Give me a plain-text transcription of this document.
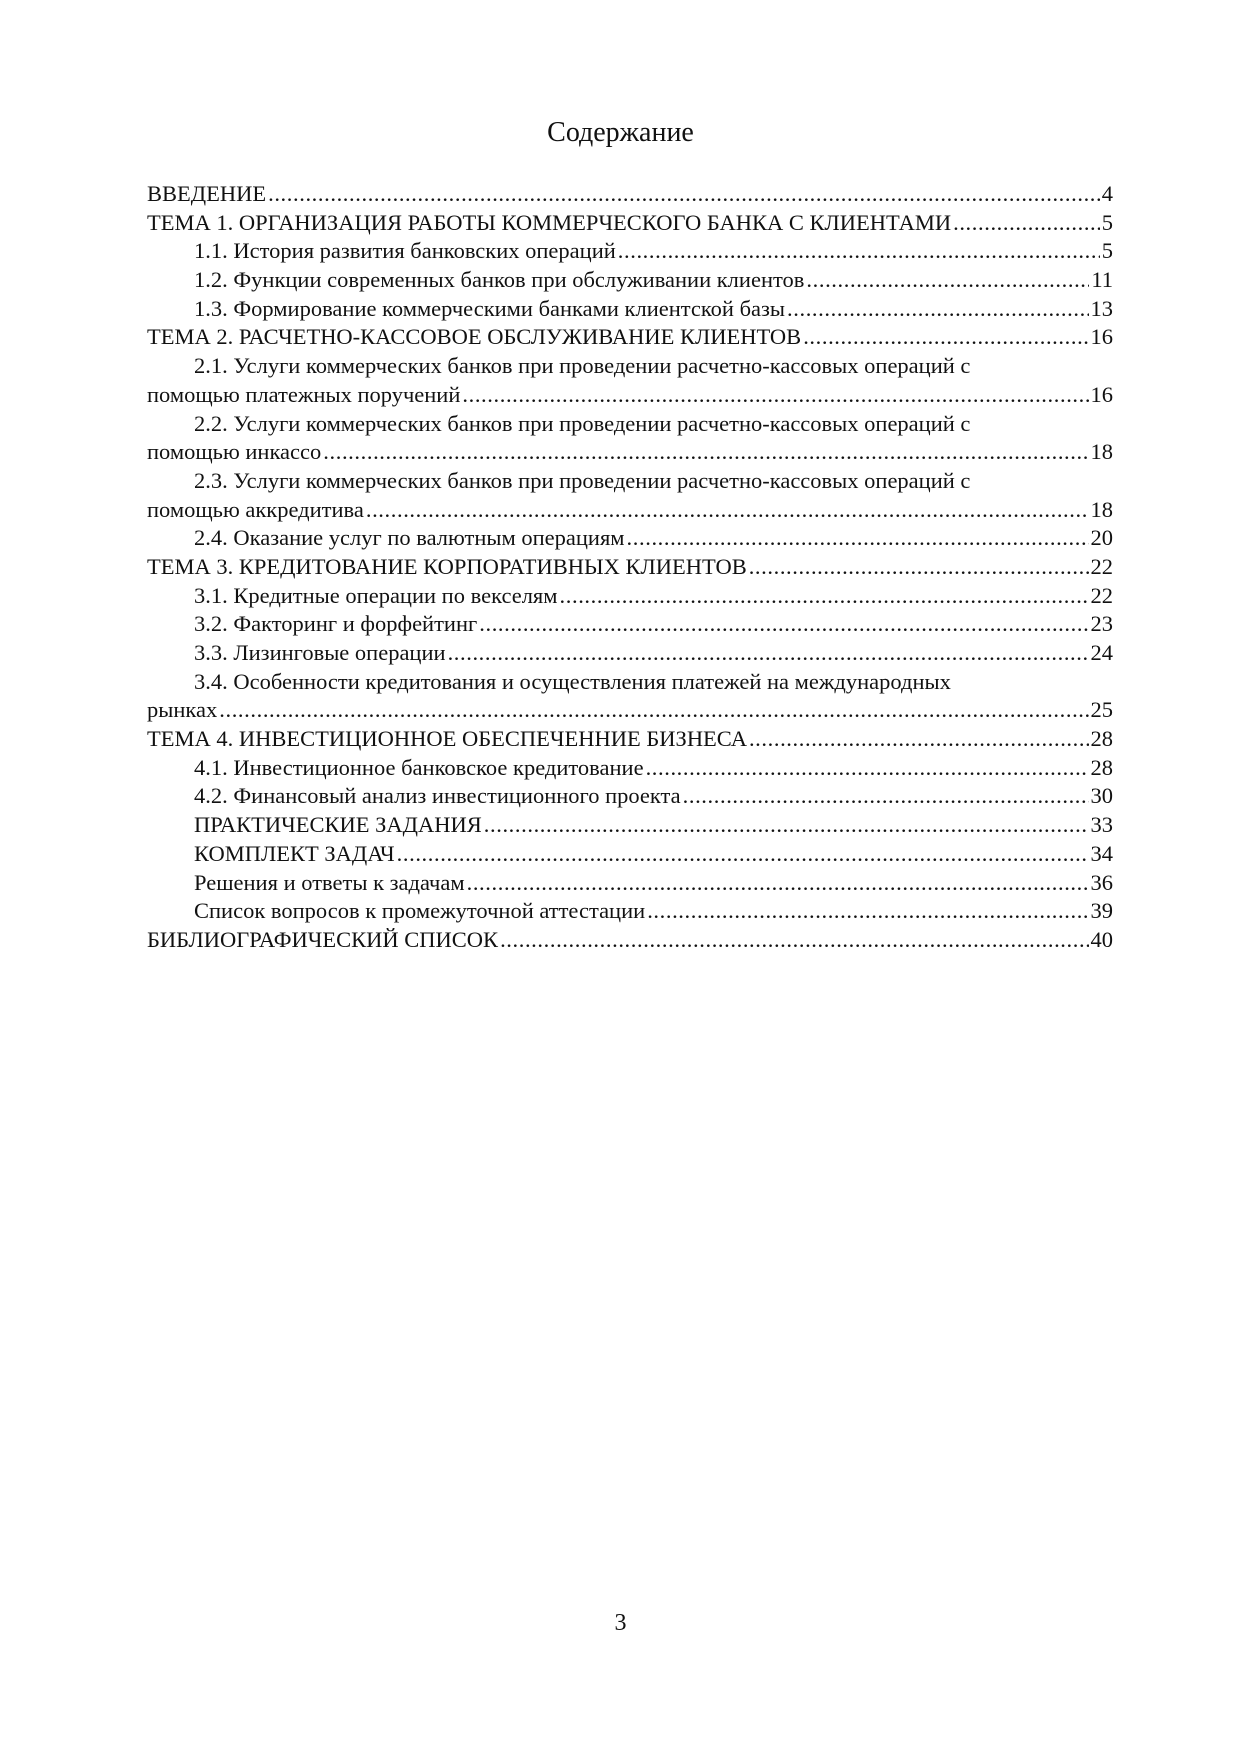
Содержание
ВВЕДЕНИЕ .....	4
ТЕМА 1. ОРГАНИЗАЦИЯ РАБОТЫ КОММЕРЧЕСКОГО БАНКА С КЛИЕНТАМИ .....	5
1.1. История развития банковских операций .....	5
1.2. Функции современных банков при обслуживании клиентов .....	11
1.3. Формирование коммерческими банками клиентской базы .....	13
ТЕМА 2. РАСЧЕТНО-КАССОВОЕ ОБСЛУЖИВАНИЕ КЛИЕНТОВ .....	16
2.1. Услуги коммерческих банков при проведении расчетно-кассовых операций с
помощью платежных поручений .....	16
2.2. Услуги коммерческих банков при проведении расчетно-кассовых операций с
помощью инкассо .....	18
2.3. Услуги коммерческих банков при проведении расчетно-кассовых операций с
помощью аккредитива .....	18
2.4. Оказание услуг по валютным операциям .....	20
ТЕМА 3. КРЕДИТОВАНИЕ КОРПОРАТИВНЫХ КЛИЕНТОВ .....	22
3.1. Кредитные операции по векселям .....	22
3.2. Факторинг и форфейтинг .....	23
3.3. Лизинговые операции .....	24
3.4. Особенности кредитования и осуществления платежей на международных
рынках .....	25
ТЕМА 4. ИНВЕСТИЦИОННОЕ ОБЕСПЕЧЕННИЕ БИЗНЕСА .....	28
4.1. Инвестиционное банковское кредитование .....	28
4.2. Финансовый анализ инвестиционного проекта .....	30
ПРАКТИЧЕСКИЕ ЗАДАНИЯ .....	33
КОМПЛЕКТ ЗАДАЧ .....	34
Решения и ответы к задачам .....	36
Список вопросов к промежуточной аттестации .....	39
БИБЛИОГРАФИЧЕСКИЙ СПИСОК .....	40
3
